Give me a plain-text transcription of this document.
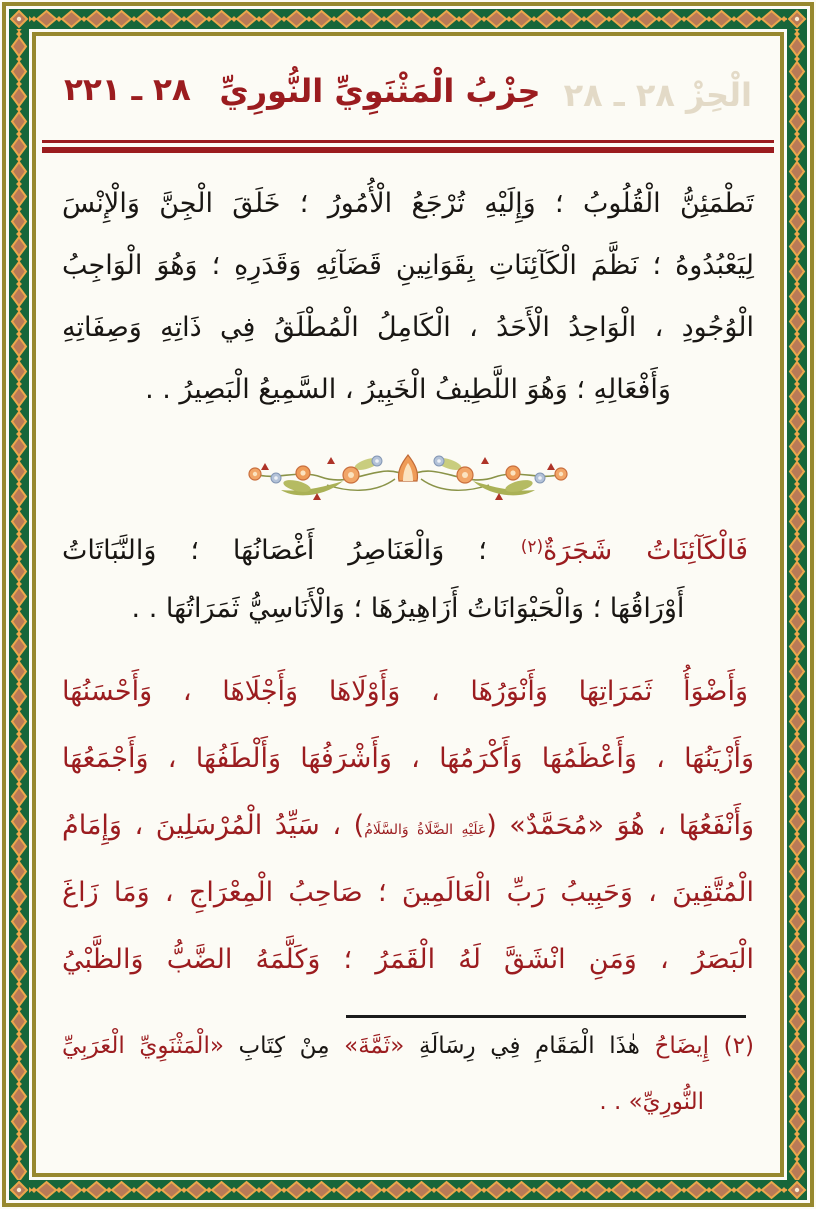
الْحِزْ ٢٨ ـ ٢٨
حِزْبُ الْمَثْنَوِيِّ النُّورِيِّ
٢٨ ـ ٢٢١
تَطْمَئِنُّ الْقُلُوبُ ؛ وَإِلَيْهِ تُرْجَعُ الْأُمُورُ ؛ خَلَقَ الْجِنَّ وَالْإِنْسَ
لِيَعْبُدُوهُ ؛ نَظَّمَ الْكَآئِنَاتِ بِقَوَانِينِ قَضَآئِهِ وَقَدَرِهِ ؛ وَهُوَ الْوَاجِبُ
الْوُجُودِ ، الْوَاحِدُ الْأَحَدُ ، الْكَامِلُ الْمُطْلَقُ فِي ذَاتِهِ وَصِفَاتِهِ
وَأَفْعَالِهِ ؛ وَهُوَ اللَّطِيفُ الْخَبِيرُ ، السَّمِيعُ الْبَصِيرُ . .
فَالْكَآئِنَاتُ شَجَرَةٌ$^{(٢)}$ ؛ وَالْعَنَاصِرُ أَغْصَانُهَا ؛ وَالنَّبَاتَاتُ
أَوْرَاقُهَا ؛ وَالْحَيْوَانَاتُ أَزَاهِيرُهَا ؛ وَالْأَنَاسِيُّ ثَمَرَاتُهَا . .
وَأَضْوَأُ ثَمَرَاتِهَا وَأَنْوَرُهَا ، وَأَوْلَاهَا وَأَجْلَاهَا ، وَأَحْسَنُهَا
وَأَزْيَنُهَا ، وَأَعْظَمُهَا وَأَكْرَمُهَا ، وَأَشْرَفُهَا وَأَلْطَفُهَا ، وَأَجْمَعُهَا
وَأَنْفَعُهَا ، هُوَ «مُحَمَّدٌ» (عَلَيْهِ الصَّلَاةُ وَالسَّلَامُ) ، سَيِّدُ الْمُرْسَلِينَ ، وَإِمَامُ
الْمُتَّقِينَ ، وَحَبِيبُ رَبِّ الْعَالَمِينَ ؛ صَاحِبُ الْمِعْرَاجِ ، وَمَا زَاغَ
الْبَصَرُ ، وَمَنِ انْشَقَّ لَهُ الْقَمَرُ ؛ وَكَلَّمَهُ الضَّبُّ وَالظَّبْيُ
(٢) إِيضَاحُ هٰذَا الْمَقَامِ فِي رِسَالَةِ «ثَمَّةَ» مِنْ كِتَابِ «الْمَثْنَوِيِّ الْعَرَبِيِّ
النُّورِيِّ» . .
